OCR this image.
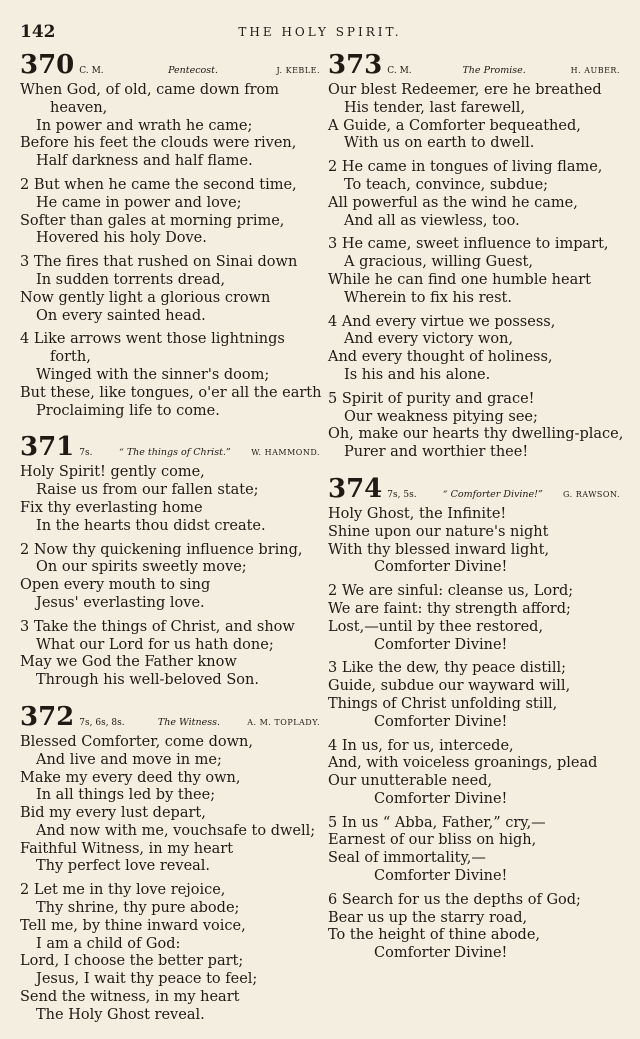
142	THE HOLY SPIRIT.
370 C. M.	Pentecost.	J. KEBLE.
When God, of old, came down from
heaven,
In power and wrath he came;
Before his feet the clouds were riven,
Half darkness and half flame.
2 But when he came the second time,
He came in power and love;
Softer than gales at morning prime,
Hovered his holy Dove.
3 The fires that rushed on Sinai down
In sudden torrents dread,
Now gently light a glorious crown
On every sainted head.
4 Like arrows went those lightnings
forth,
Winged with the sinner's doom;
But these, like tongues, o'er all the earth
Proclaiming life to come.
371 7s.	“ The things of Christ.”	W. HAMMOND.
Holy Spirit! gently come,
Raise us from our fallen state;
Fix thy everlasting home
In the hearts thou didst create.
2 Now thy quickening influence bring,
On our spirits sweetly move;
Open every mouth to sing
Jesus' everlasting love.
3 Take the things of Christ, and show
What our Lord for us hath done;
May we God the Father know
Through his well-beloved Son.
372 7s, 6s, 8s.	The Witness.	A. M. TOPLADY.
Blessed Comforter, come down,
And live and move in me;
Make my every deed thy own,
In all things led by thee;
Bid my every lust depart,
And now with me, vouchsafe to dwell;
Faithful Witness, in my heart
Thy perfect love reveal.
2 Let me in thy love rejoice,
Thy shrine, thy pure abode;
Tell me, by thine inward voice,
I am a child of God:
Lord, I choose the better part;
Jesus, I wait thy peace to feel;
Send the witness, in my heart
The Holy Ghost reveal.
373 C. M.	The Promise.	H. AUBER.
Our blest Redeemer, ere he breathed
His tender, last farewell,
A Guide, a Comforter bequeathed,
With us on earth to dwell.
2 He came in tongues of living flame,
To teach, convince, subdue;
All powerful as the wind he came,
And all as viewless, too.
3 He came, sweet influence to impart,
A gracious, willing Guest,
While he can find one humble heart
Wherein to fix his rest.
4 And every virtue we possess,
And every victory won,
And every thought of holiness,
Is his and his alone.
5 Spirit of purity and grace!
Our weakness pitying see;
Oh, make our hearts thy dwelling-place,
Purer and worthier thee!
374 7s, 5s.	“ Comforter Divine!”	G. RAWSON.
Holy Ghost, the Infinite!
Shine upon our nature's night
With thy blessed inward light,
Comforter Divine!
2 We are sinful: cleanse us, Lord;
We are faint: thy strength afford;
Lost,—until by thee restored,
Comforter Divine!
3 Like the dew, thy peace distill;
Guide, subdue our wayward will,
Things of Christ unfolding still,
Comforter Divine!
4 In us, for us, intercede,
And, with voiceless groanings, plead
Our unutterable need,
Comforter Divine!
5 In us “ Abba, Father,” cry,—
Earnest of our bliss on high,
Seal of immortality,—
Comforter Divine!
6 Search for us the depths of God;
Bear us up the starry road,
To the height of thine abode,
Comforter Divine!
